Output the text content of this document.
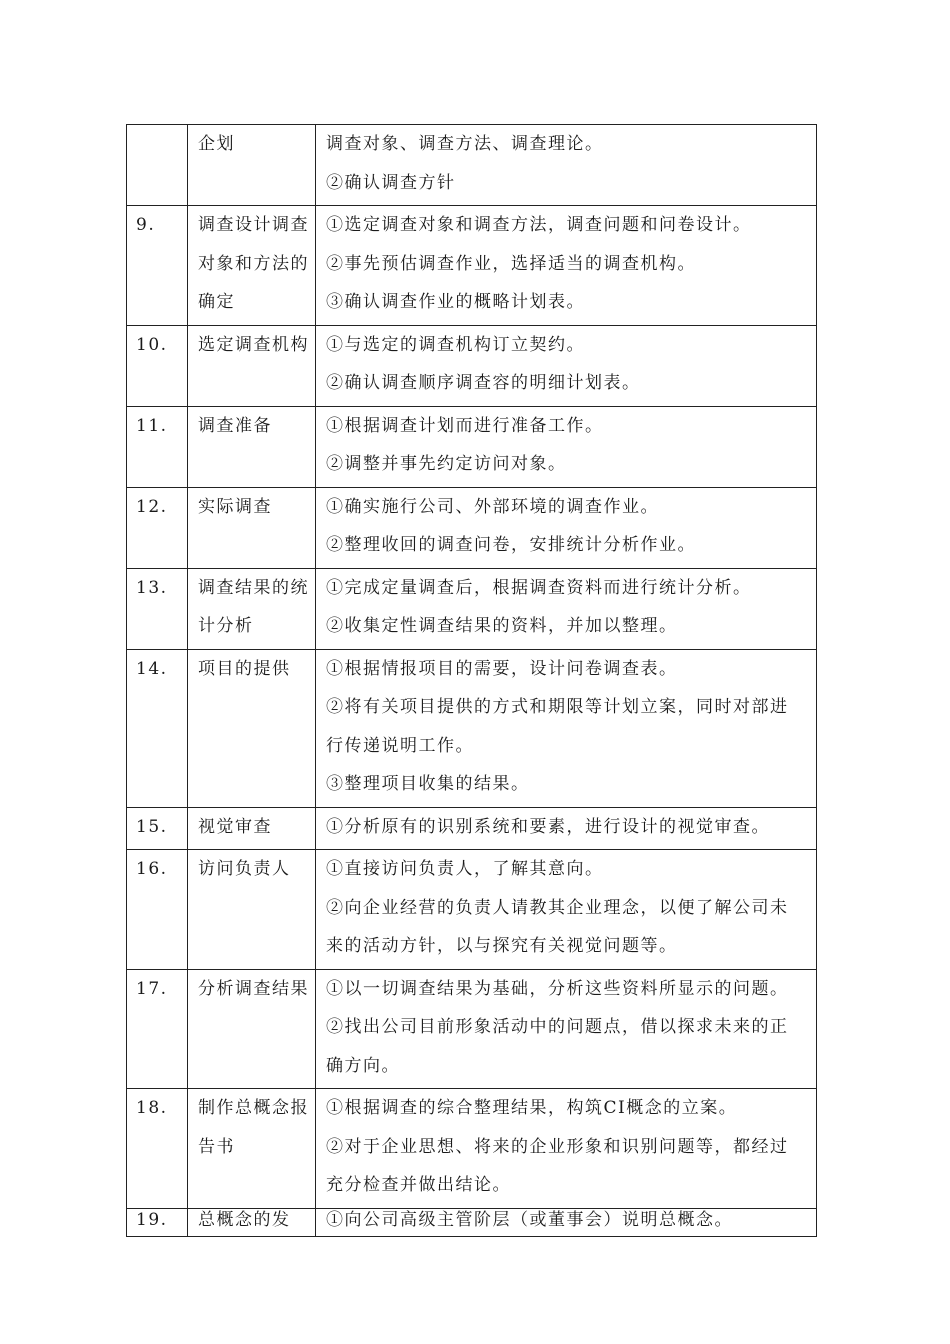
	企划	调查对象、调查方法、调查理论。
②确认调查方针

9.	调查设计调查对象和方法的确定	①选定调查对象和调查方法，调查问题和问卷设计。
②事先预估调查作业，选择适当的调查机构。
③确认调查作业的概略计划表。

10.	选定调查机构	①与选定的调查机构订立契约。
②确认调查顺序调查容的明细计划表。

11.	调查准备	①根据调查计划而进行准备工作。
②调整并事先约定访问对象。

12.	实际调查	①确实施行公司、外部环境的调查作业。
②整理收回的调查问卷，安排统计分析作业。

13.	调查结果的统计分析	①完成定量调查后，根据调查资料而进行统计分析。
②收集定性调查结果的资料，并加以整理。

14.	项目的提供	①根据情报项目的需要，设计问卷调查表。
②将有关项目提供的方式和期限等计划立案，同时对部进行传递说明工作。
③整理项目收集的结果。

15.	视觉审查	①分析原有的识别系统和要素，进行设计的视觉审查。

16.	访问负责人	①直接访问负责人，了解其意向。
②向企业经营的负责人请教其企业理念，以便了解公司未来的活动方针，以与探究有关视觉问题等。

17.	分析调查结果	①以一切调查结果为基础，分析这些资料所显示的问题。
②找出公司目前形象活动中的问题点，借以探求未来的正确方向。

18.	制作总概念报告书	①根据调查的综合整理结果，构筑CI概念的立案。
②对于企业思想、将来的企业形象和识别问题等，都经过充分检查并做出结论。

19.	总概念的发	①向公司高级主管阶层（或董事会）说明总概念。
